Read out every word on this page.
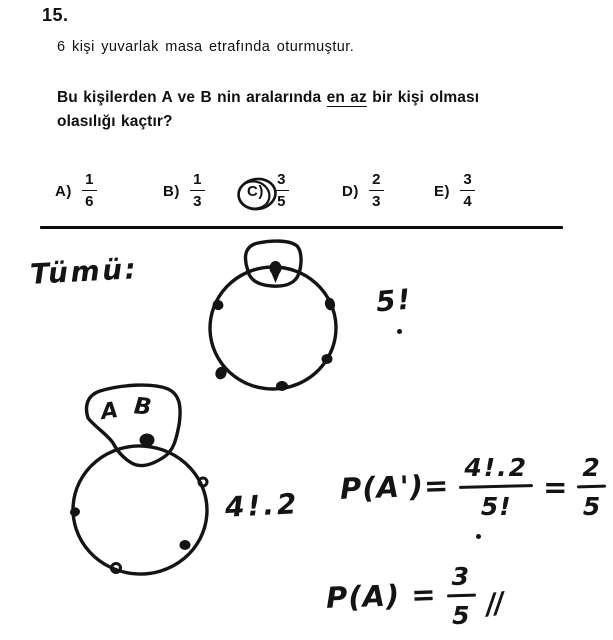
15.
6 kişi yuvarlak masa etrafında oturmuştur.
Bu kişilerden A ve B nin aralarında en az bir kişi olması
olasılığı kaçtır?
$A) \frac{1}{6}$	$B) \frac{1}{3}$	$C) \frac{3}{5}$	$D) \frac{2}{3}$	$E) \frac{3}{4}$
Tümü:
5!
A B
4!.2 P(A')=
4!.2
5!
=
2
5
P(A) =
3
5 //
